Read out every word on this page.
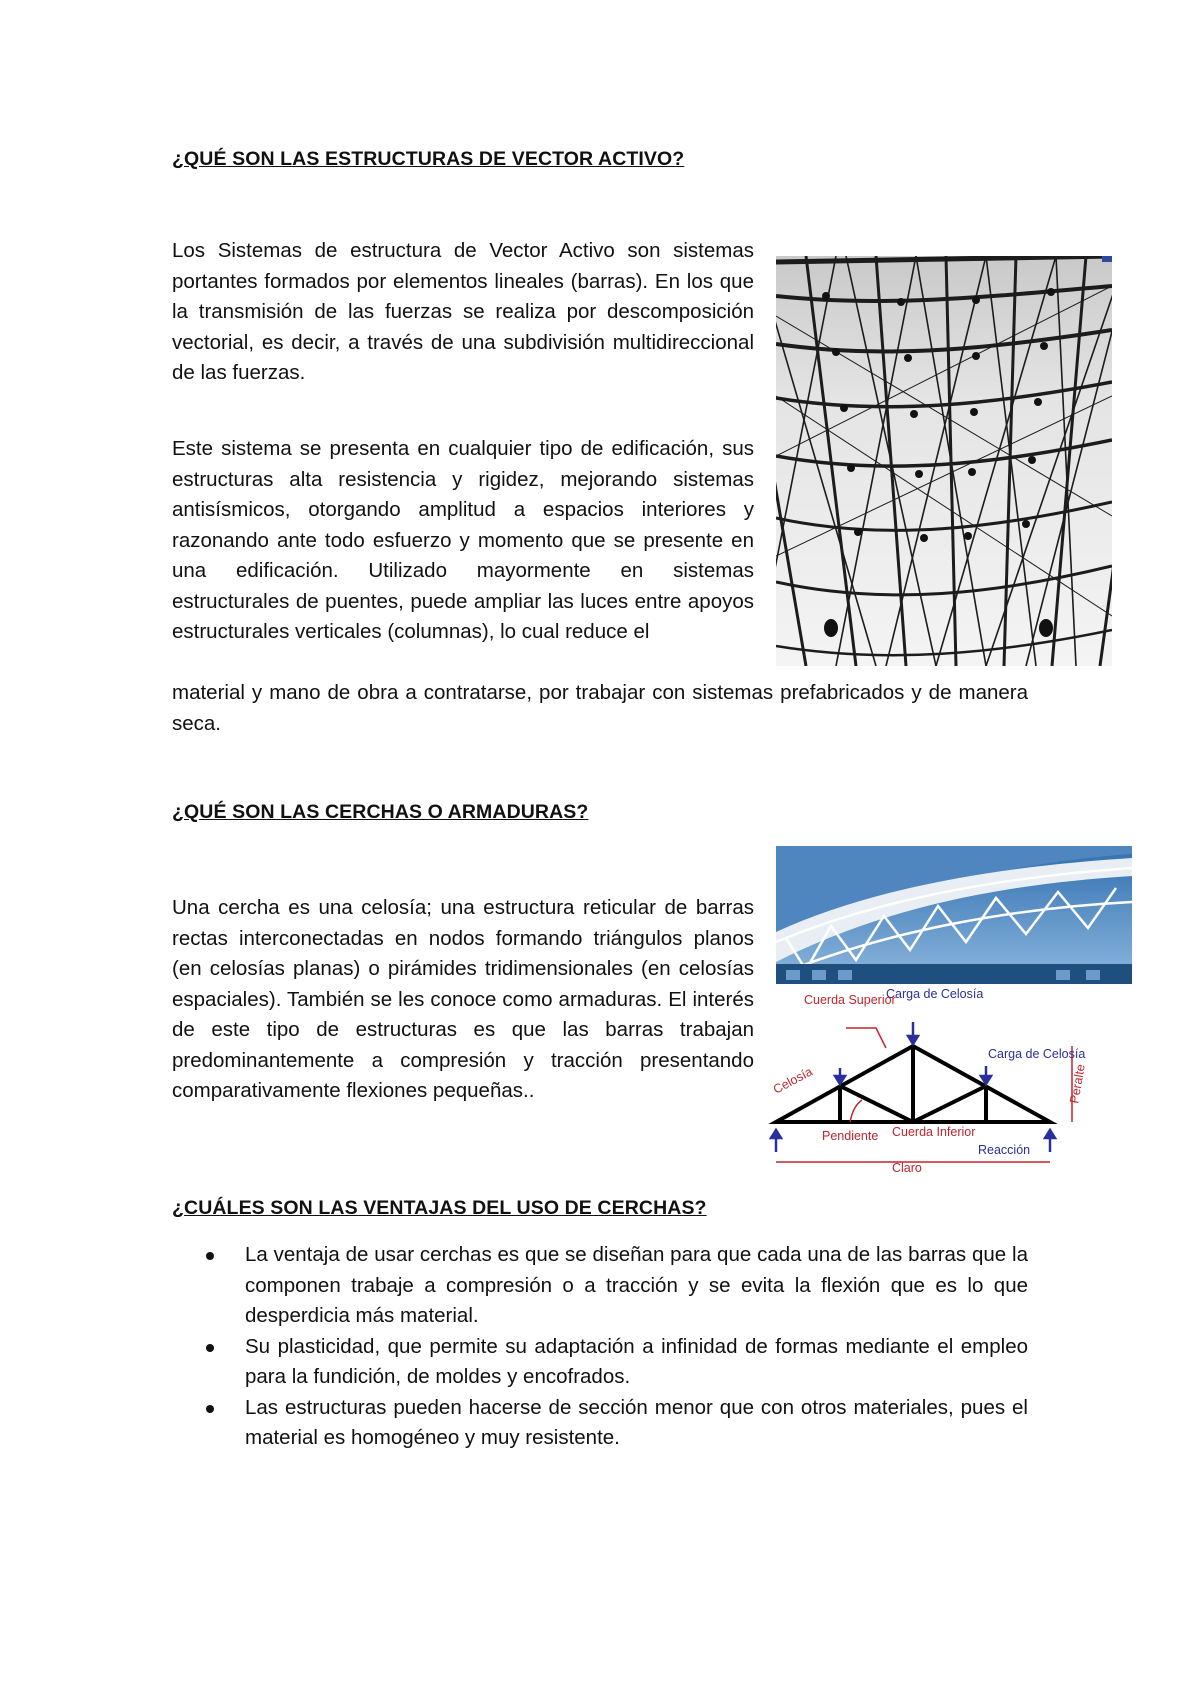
¿QUÉ SON LAS ESTRUCTURAS DE VECTOR ACTIVO?

Los Sistemas de estructura de Vector Activo son sistemas portantes formados por elementos lineales (barras). En los que la transmisión de las fuerzas se realiza por descomposición vectorial, es decir, a través de una subdivisión multidireccional de las fuerzas.

Este sistema se presenta en cualquier tipo de edificación, sus estructuras alta resistencia y rigidez, mejorando sistemas antisísmicos, otorgando amplitud a espacios interiores y razonando ante todo esfuerzo y momento que se presente en una edificación. Utilizado mayormente en sistemas estructurales de puentes, puede ampliar las luces entre apoyos estructurales verticales (columnas), lo cual reduce el

material y mano de obra a contratarse, por trabajar con sistemas prefabricados y de manera seca.

¿QUÉ SON LAS CERCHAS O ARMADURAS?

Una cercha es una celosía; una estructura reticular de barras rectas interconectadas en nodos formando triángulos planos (en celosías planas) o pirámides tridimensionales (en celosías espaciales). También se les conoce como armaduras. El interés de este tipo de estructuras es que las barras trabajan predominantemente a compresión y tracción presentando comparativamente flexiones pequeñas..

Carga de Celosía
Carga de Celosía
Reacción
Cuerda Superior
Celosía	Peralte
Pendiente Cuerda Inferior
Claro
¿CUÁLES SON LAS VENTAJAS DEL USO DE CERCHAS?
La ventaja de usar cerchas es que se diseñan para que cada una de las barras que la componen trabaje a compresión o a tracción y se evita la flexión que es lo que desperdicia más material.
Su plasticidad, que permite su adaptación a infinidad de formas mediante el empleo para la fundición, de moldes y encofrados.
Las estructuras pueden hacerse de sección menor que con otros materiales, pues el material es homogéneo y muy resistente.
